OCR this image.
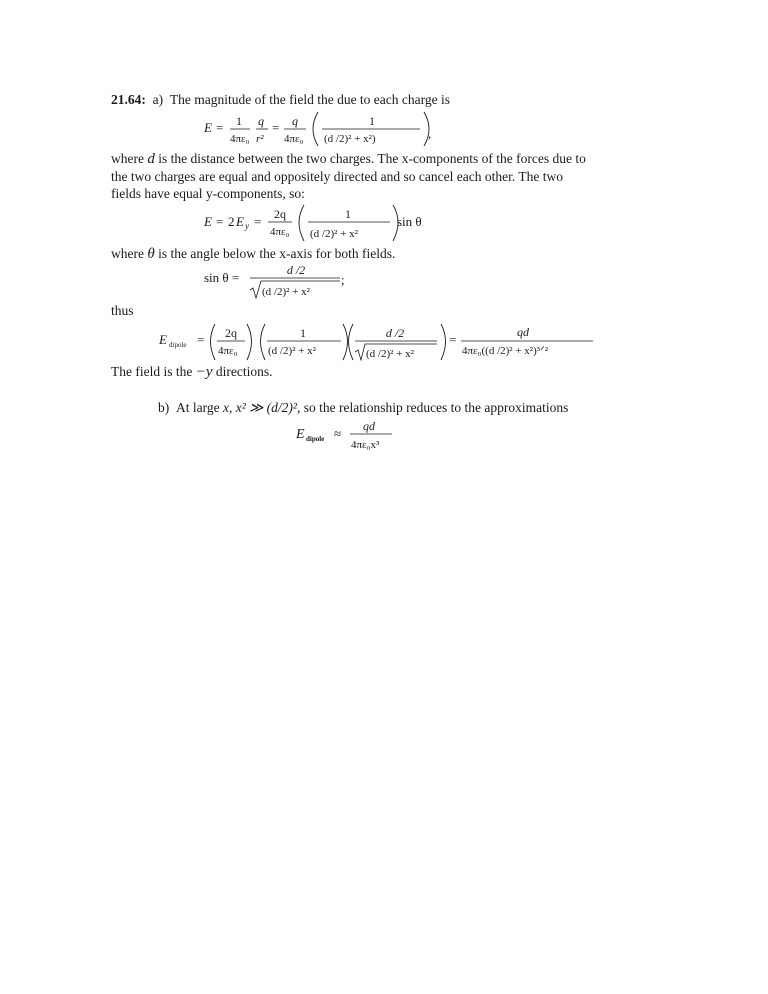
21.64: a) The magnitude of the field the due to each charge is
E = 1
4πε₀
q
r²
= q
4πε₀
1
(d /2)² + x²)	,
where d is the distance between the two charges. The x-components of the forces due to
the two charges are equal and oppositely directed and so cancel each other. The two
fields have equal y-components, so:
E = 2 E y = 2q
4πε₀
1
(d /2)² + x²
sin θ
where θ is the angle below the x-axis for both fields.
sin θ =	d /2
(d /2)² + x²
;
thus
E dipole = 2q
4πε₀
1
(d /2)² + x²
d /2
(d /2)² + x²
=	qd
4πε₀((d /2)² + x²)³ᐟ²
The field is the −y directions.
b) At large x, x² ≫ (d/2)², so the relationship reduces to the approximations
E dipole ≈ qd
4πε₀x³
